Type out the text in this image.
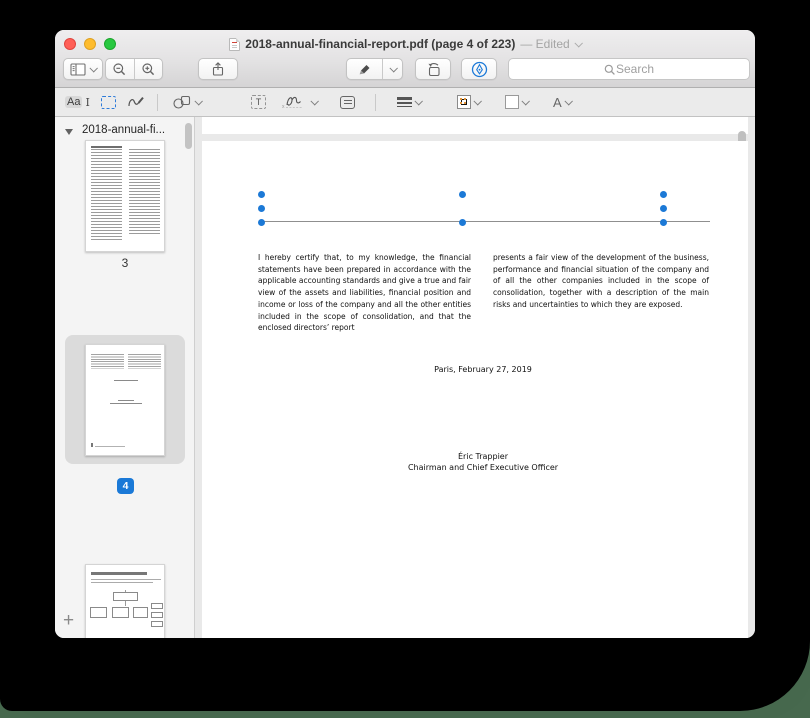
2018-annual-financial-report.pdf (page 4 of 223) — Edited
Search
Aa I	T	x	A
2018-annual-fi...
3
4
+
I hereby certify that, to my knowledge, the financial statements have been prepared in accordance with the applicable accounting standards and give a true and fair view of the assets and liabilities, financial position and income or loss of the company and all the other entities included in the scope of consolidation, and that the enclosed directors’ report
presents a fair view of the development of the business, performance and financial situation of the company and of all the other companies included in the scope of consolidation, together with a description of the main risks and uncertainties to which they are exposed.
Paris, February 27, 2019
Éric Trappier
Chairman and Chief Executive Officer
